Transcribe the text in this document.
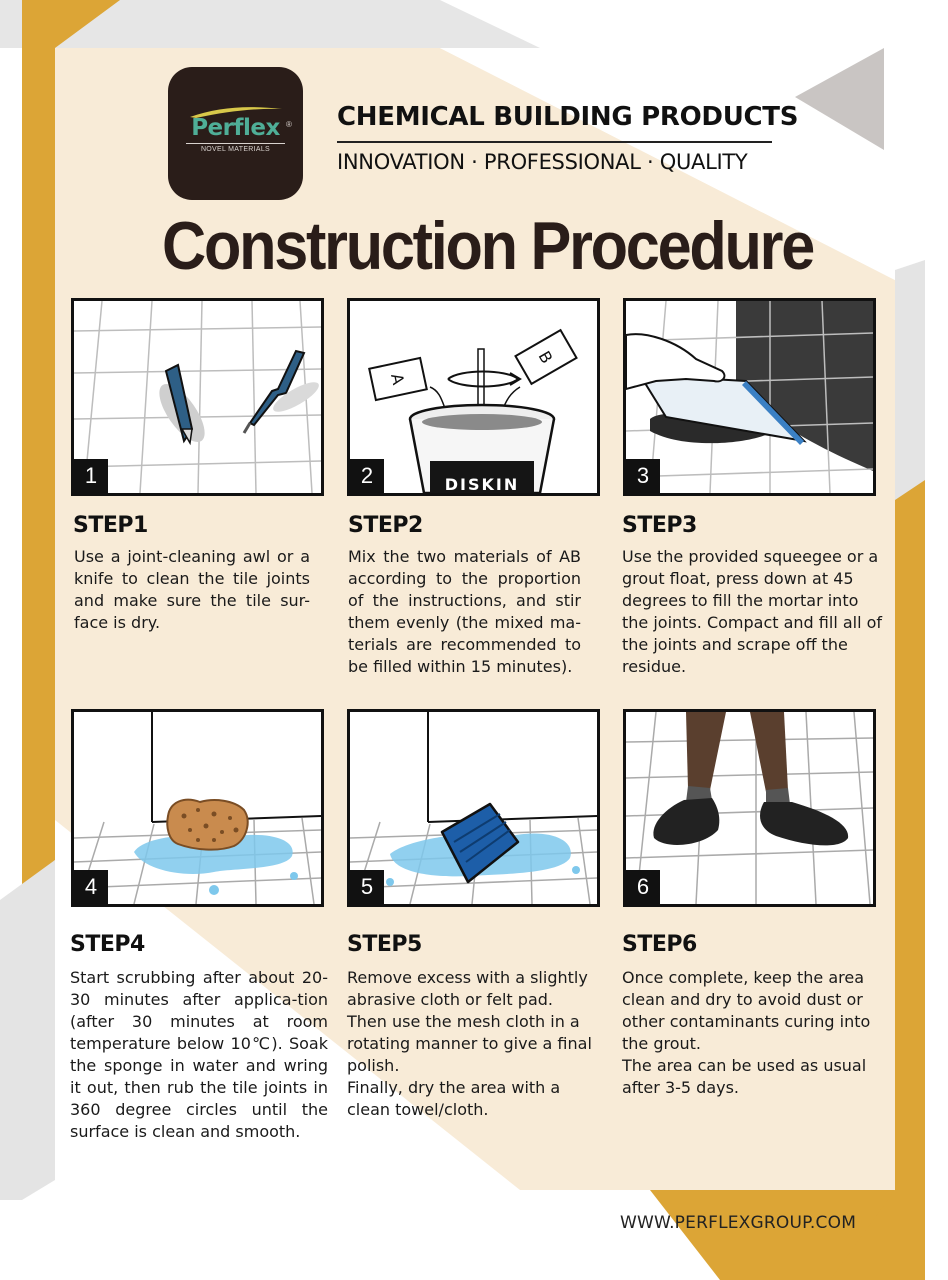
Perflex ®
NOVEL MATERIALS
CHEMICAL BUILDING PRODUCTS
INNOVATION · PROFESSIONAL · QUALITY
Construction Procedure
1
A
B
DISKIN
2	3
4	5	6
STEP1
Use a joint-cleaning awl or a knife to clean the tile joints and make sure the tile sur-face is dry.
STEP2
Mix the two materials of AB according to the proportion of the instructions, and stir them evenly (the mixed ma-terials are recommended to be filled within 15 minutes).
STEP3
Use the provided squeegee or a grout float, press down at 45 degrees to fill the mortar into the joints. Compact and fill all of the joints and scrape off the residue.
STEP4
Start scrubbing after about 20-30 minutes after applica-tion (after 30 minutes at room temperature below 10℃). Soak the sponge in water and wring it out, then rub the tile joints in 360 degree circles until the surface is clean and smooth.
STEP5
Remove excess with a slightly abrasive cloth or felt pad.
Then use the mesh cloth in a rotating manner to give a final polish.
Finally, dry the area with a clean towel/cloth.
STEP6
Once complete, keep the area clean and dry to avoid dust or other contaminants curing into the grout.
The area can be used as usual after 3-5 days.
WWW.PERFLEXGROUP.COM
